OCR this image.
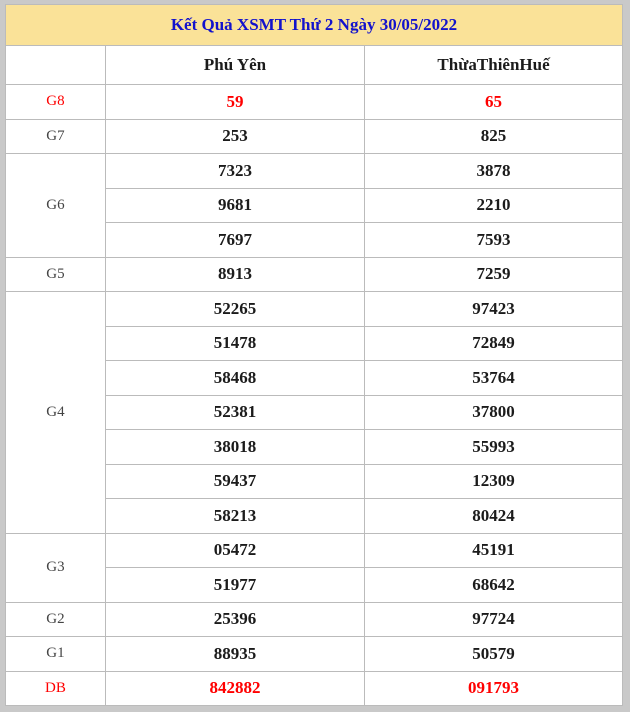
Kết Quả XSMT Thứ 2 Ngày 30/05/2022		
	Phú Yên	ThừaThiênHuế
G8	59	65
G7	253	825
G6	7323	3878
	9681	2210
	7697	7593
G5	8913	7259
G4	52265	97423
	51478	72849
	58468	53764
	52381	37800
	38018	55993
	59437	12309
	58213	80424
G3	05472	45191
	51977	68642
G2	25396	97724
G1	88935	50579
DB	842882	091793
